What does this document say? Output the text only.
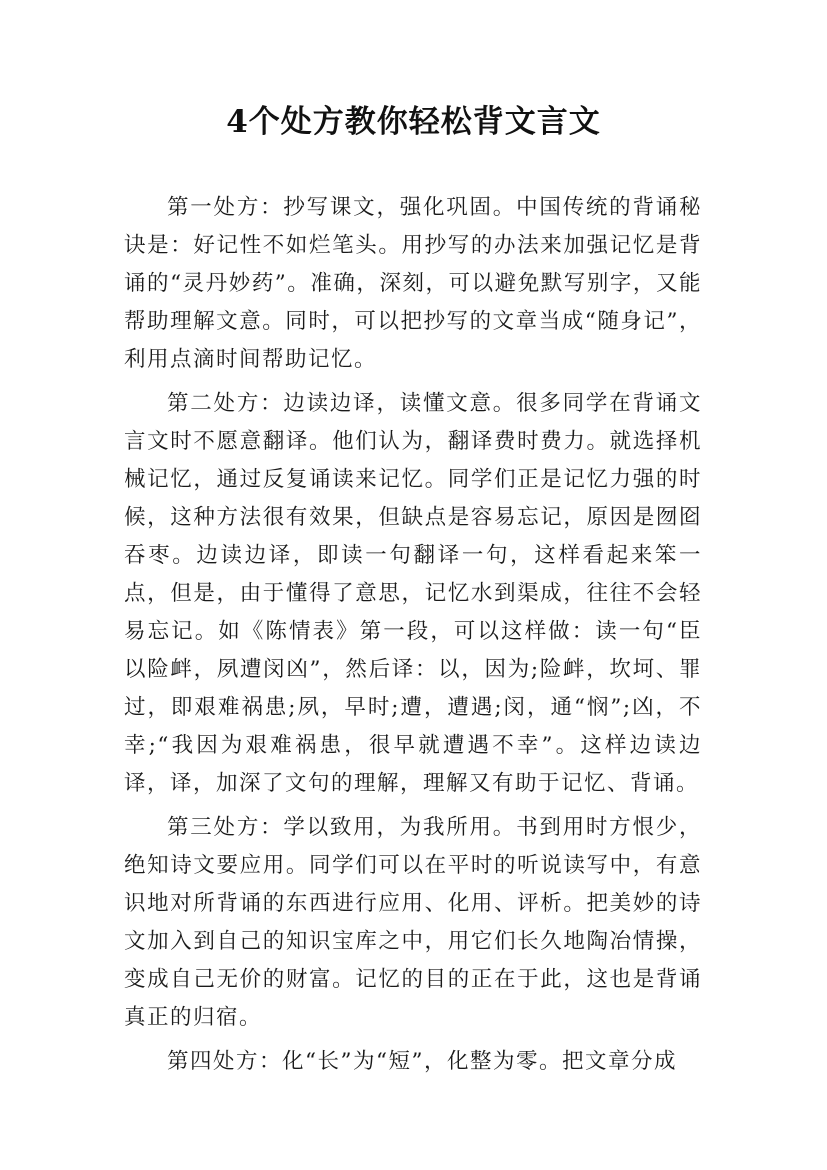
4个处方教你轻松背文言文

第一处方：抄写课文，强化巩固。中国传统的背诵秘诀是：好记性不如烂笔头。用抄写的办法来加强记忆是背诵的“灵丹妙药”。准确，深刻，可以避免默写别字，又能帮助理解文意。同时，可以把抄写的文章当成“随身记”，利用点滴时间帮助记忆。

第二处方：边读边译，读懂文意。很多同学在背诵文言文时不愿意翻译。他们认为，翻译费时费力。就选择机械记忆，通过反复诵读来记忆。同学们正是记忆力强的时候，这种方法很有效果，但缺点是容易忘记，原因是囫囵吞枣。边读边译，即读一句翻译一句，这样看起来笨一点，但是，由于懂得了意思，记忆水到渠成，往往不会轻易忘记。如《陈情表》第一段，可以这样做：读一句“臣以险衅，夙遭闵凶”，然后译：以，因为;险衅，坎坷、罪过，即艰难祸患;夙，早时;遭，遭遇;闵，通“悯”;凶，不幸;“我因为艰难祸患，很早就遭遇不幸”。这样边读边译，译，加深了文句的理解，理解又有助于记忆、背诵。

第三处方：学以致用，为我所用。书到用时方恨少，绝知诗文要应用。同学们可以在平时的听说读写中，有意识地对所背诵的东西进行应用、化用、评析。把美妙的诗文加入到自己的知识宝库之中，用它们长久地陶冶情操，变成自己无价的财富。记忆的目的正在于此，这也是背诵真正的归宿。

第四处方：化“长”为“短”，化整为零。把文章分成
